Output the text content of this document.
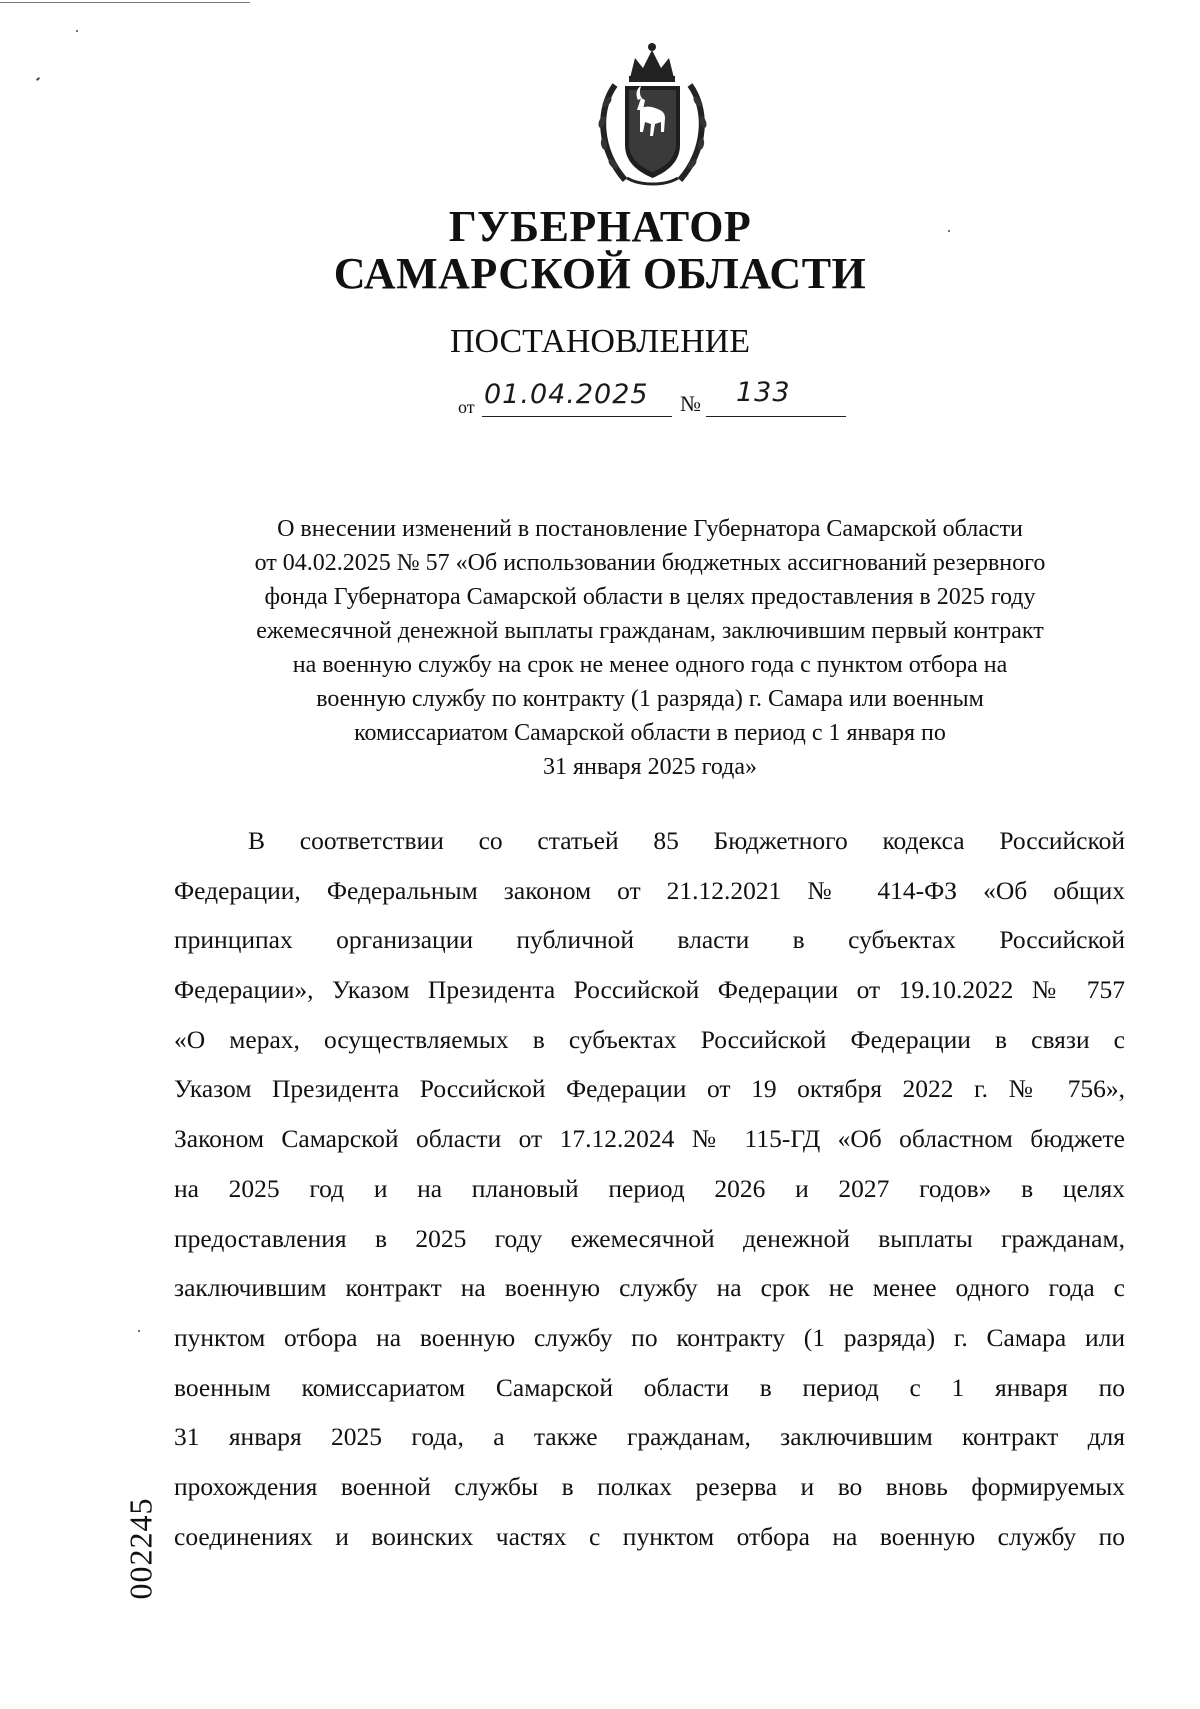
ГУБЕРНАТОР
САМАРСКОЙ ОБЛАСТИ
ПОСТАНОВЛЕНИЕ
от 01.04.2025 № 133
О внесении изменений в постановление Губернатора Самарской области
от 04.02.2025 № 57 «Об использовании бюджетных ассигнований резервного
фонда Губернатора Самарской области в целях предоставления в 2025 году
ежемесячной денежной выплаты гражданам, заключившим первый контракт
на военную службу на срок не менее одного года с пунктом отбора на
военную службу по контракту (1 разряда) г. Самара или военным
комиссариатом Самарской области в период с 1 января по
31 января 2025 года»
В соответствии со статьей 85 Бюджетного кодекса Российской
Федерации, Федеральным законом от 21.12.2021 № 414-ФЗ «Об общих
принципах организации публичной власти в субъектах Российской
Федерации», Указом Президента Российской Федерации от 19.10.2022 № 757
«О мерах, осуществляемых в субъектах Российской Федерации в связи с
Указом Президента Российской Федерации от 19 октября 2022 г. № 756»,
Законом Самарской области от 17.12.2024 № 115-ГД «Об областном бюджете
на 2025 год и на плановый период 2026 и 2027 годов» в целях
предоставления в 2025 году ежемесячной денежной выплаты гражданам,
заключившим контракт на военную службу на срок не менее одного года с
пунктом отбора на военную службу по контракту (1 разряда) г. Самара или
военным комиссариатом Самарской области в период с 1 января по
31 января 2025 года, а также гражданам, заключившим контракт для
прохождения военной службы в полках резерва и во вновь формируемых
соединениях и воинских частях с пунктом отбора на военную службу по
002245
